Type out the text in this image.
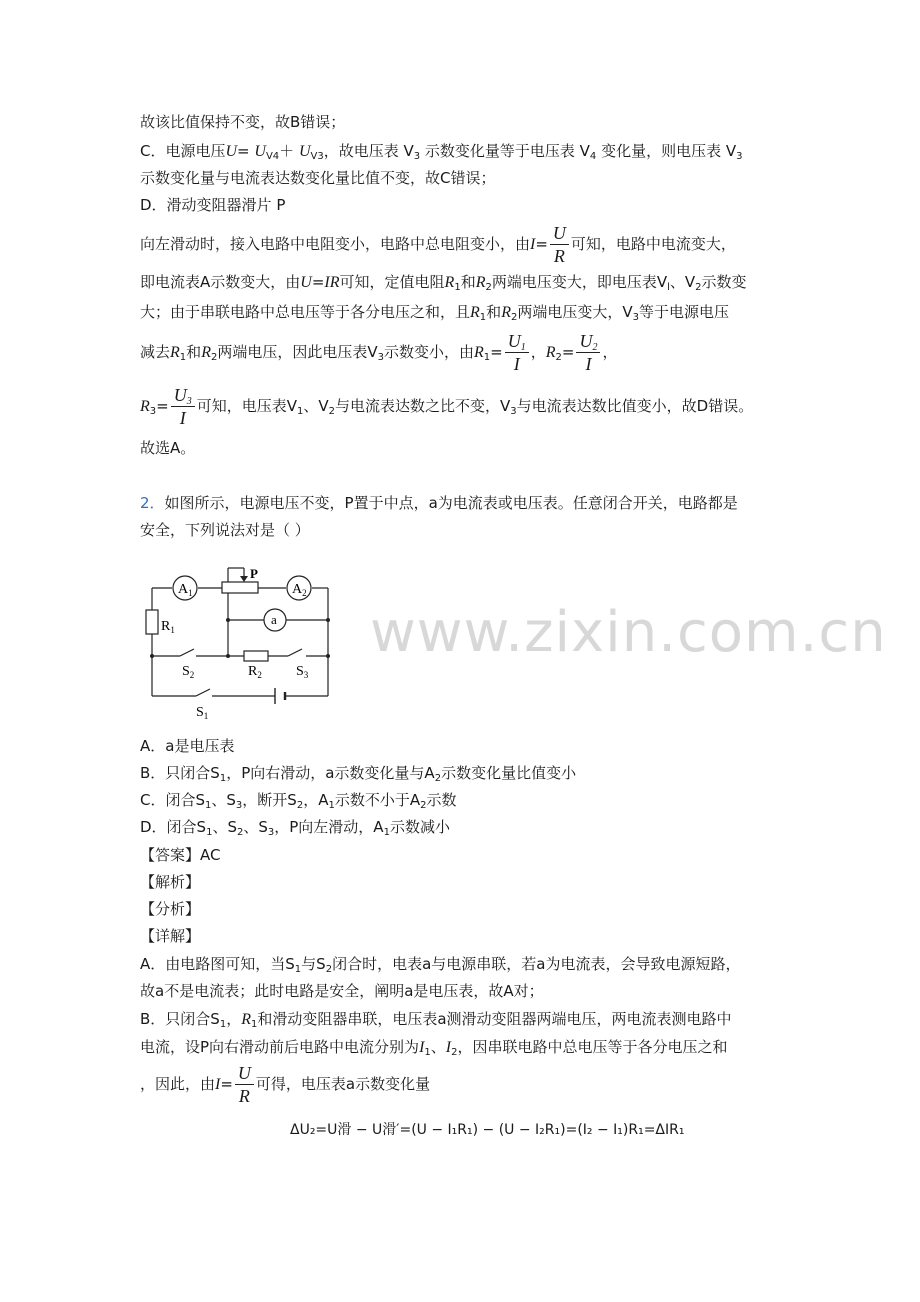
www.zixin.com.cn
故该比值保持不变，故B错误；
C．电源电压$U= U_{V4}+ U_{V3}$，故电压表 $V_3$ 示数变化量等于电压表 $V_4$ 变化量，则电压表 $V_3$
示数变化量与电流表达数变化量比值不变，故C错误；
D．滑动变阻器滑片 P
向左滑动时，接入电路中电阻变小，电路中总电阻变小，由$I= \frac{U}{R}$ 可知，电路中电流变大，
即电流表A示数变大，由U=IR可知，定值电阻$R_1$和$R_2$两端电压变大，即电压表$V_l$、$V_2$示数变
大；由于串联电路中总电压等于各分电压之和，且$R_1$和$R_2$两端电压变大，$V_3$等于电源电压
减去$R_1$和$R_2$两端电压，因此电压表$V_3$示数变小，由$R_1= \frac{U_1}{I}$ ，$R_2= \frac{U_2}{I}$ ，
$R_3= \frac{U_3}{I}$ 可知，电压表$V_1$、$V_2$与电流表达数之比不变，$V_3$与电流表达数比值变小，故D错误。
故选A。
2．如图所示，电源电压不变，P置于中点，a为电流表或电压表。任意闭合开关，电路都是
安全，下列说法对是（ ）
$A_1$	$A_2$
P
a
$R_1$
$R_2$
$S_2$	$S_3$
$S_1$
A．a是电压表
B．只闭合$S_1$，P向右滑动，a示数变化量与$A_2$示数变化量比值变小
C．闭合$S_1$、$S_3$，断开$S_2$，$A_1$示数不小于$A_2$示数
D．闭合$S_1$、$S_2$、$S_3$，P向左滑动，$A_1$示数减小
【答案】AC
【解析】
【分析】
【详解】
A．由电路图可知，当$S_1$与$S_2$闭合时，电表a与电源串联，若a为电流表，会导致电源短路，
故a不是电流表；此时电路是安全，阐明a是电压表，故A对；
B．只闭合$S_1$，$R_1$和滑动变阻器串联，电压表a测滑动变阻器两端电压，两电流表测电路中
电流，设P向右滑动前后电路中电流分别为$I_1$、$I_2$，因串联电路中总电压等于各分电压之和
，因此，由$I= \frac{U}{R}$ 可得，电压表a示数变化量
ΔU₂=U滑 − U滑′=(U − I₁R₁) − (U − I₂R₁)=(I₂ − I₁)R₁=ΔIR₁
